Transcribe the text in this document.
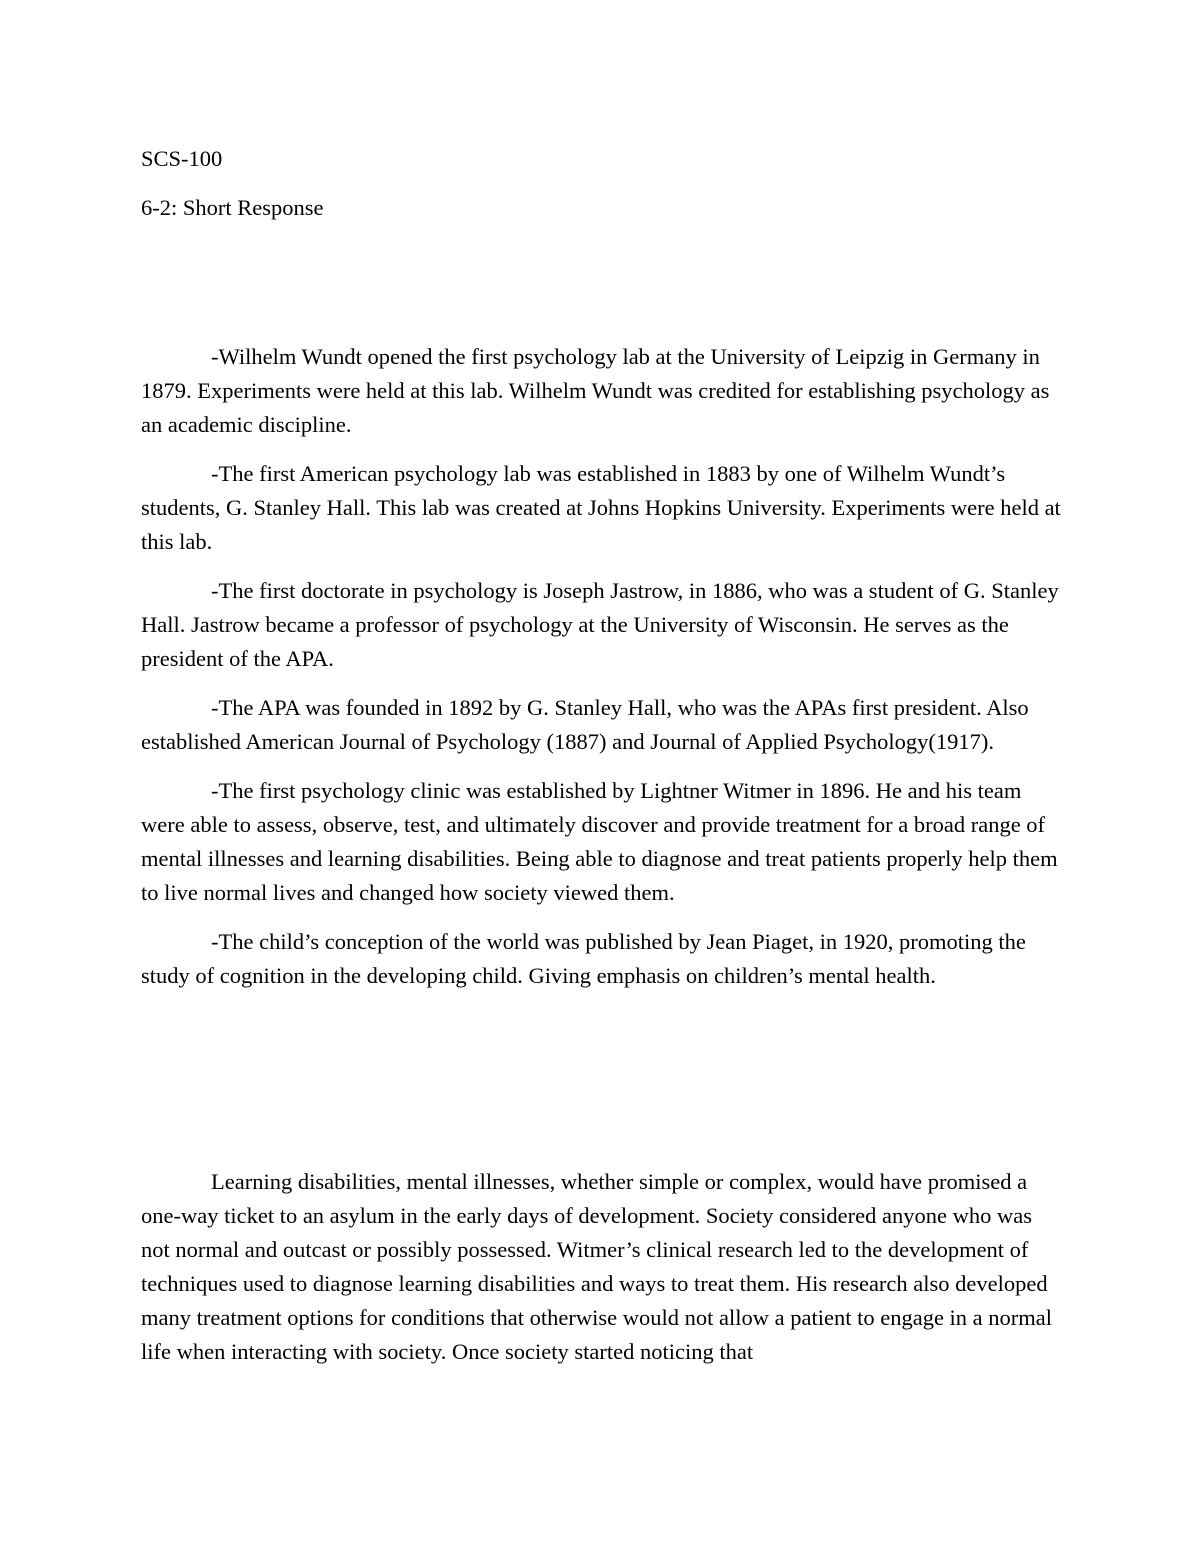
SCS-100
6-2: Short Response

-Wilhelm Wundt opened the first psychology lab at the University of Leipzig in Germany in 1879. Experiments were held at this lab. Wilhelm Wundt was credited for establishing psychology as an academic discipline.

-The first American psychology lab was established in 1883 by one of Wilhelm Wundt’s students, G. Stanley Hall. This lab was created at Johns Hopkins University. Experiments were held at this lab.

-The first doctorate in psychology is Joseph Jastrow, in 1886, who was a student of G. Stanley Hall. Jastrow became a professor of psychology at the University of Wisconsin. He serves as the president of the APA.

-The APA was founded in 1892 by G. Stanley Hall, who was the APAs first president. Also established American Journal of Psychology (1887) and Journal of Applied Psychology(1917).

-The first psychology clinic was established by Lightner Witmer in 1896. He and his team were able to assess, observe, test, and ultimately discover and provide treatment for a broad range of mental illnesses and learning disabilities. Being able to diagnose and treat patients properly help them to live normal lives and changed how society viewed them.

-The child’s conception of the world was published by Jean Piaget, in 1920, promoting the study of cognition in the developing child. Giving emphasis on children’s mental health.

Learning disabilities, mental illnesses, whether simple or complex, would have promised a one-way ticket to an asylum in the early days of development. Society considered anyone who was not normal and outcast or possibly possessed. Witmer’s clinical research led to the development of techniques used to diagnose learning disabilities and ways to treat them. His research also developed many treatment options for conditions that otherwise would not allow a patient to engage in a normal life when interacting with society. Once society started noticing that
